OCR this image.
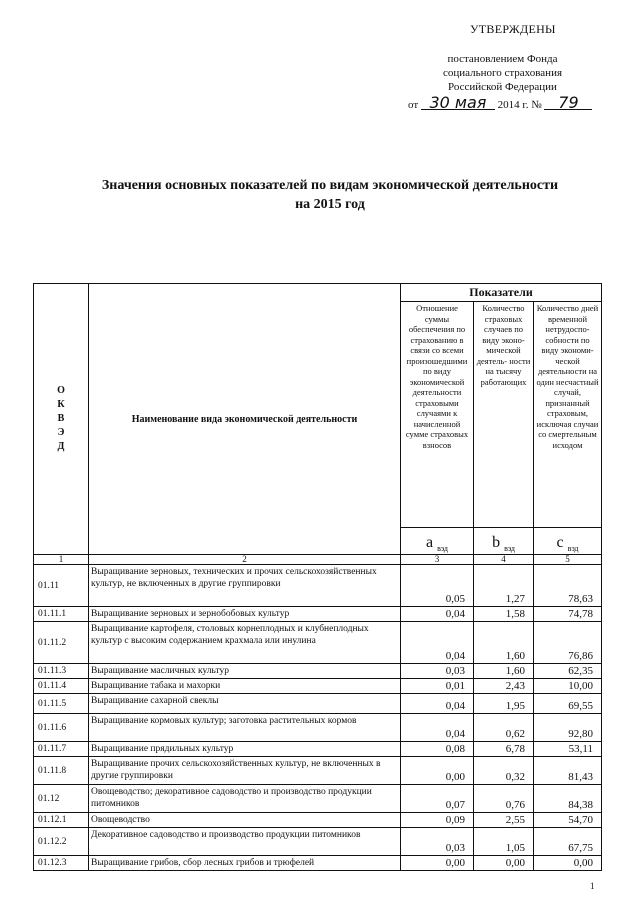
УТВЕРЖДЕНЫ
постановлением Фонда
социального страхования
Российской Федерации
от 30 мая 2014 г. № 79
Значения основных показателей по видам экономической деятельности
на 2015 год
О К В Э Д	Наименование вида экономической деятельности	Показатели		
		Отношение суммы обеспечения по страхованию в связи со всеми произошедшими по виду экономической деятельности страховыми случаями к начисленной сумме страховых взносов	Количество страховых случаев по виду эконо- мической деятель- ности на тысячу работающих	Количество дней временной нетрудоспо- собности по виду экономи- ческой деятельности на один несчастный случай, признанный страховым, исключая случаи со смертельным исходом
		a $_{вэд}$	b $_{вэд}$	c $_{вэд}$
1	2	3	4	5
01.11	Выращивание зерновых, технических и прочих сельскохозяйственных культур, не включенных в другие группировки	0,05	1,27	78,63
01.11.1	Выращивание зерновых и зернобобовых культур	0,04	1,58	74,78
01.11.2	Выращивание картофеля, столовых корнеплодных и клубнеплодных культур с высоким содержанием крахмала или инулина	0,04	1,60	76,86
01.11.3	Выращивание масличных культур	0,03	1,60	62,35
01.11.4	Выращивание табака и махорки	0,01	2,43	10,00
01.11.5	Выращивание сахарной свеклы	0,04	1,95	69,55
01.11.6	Выращивание кормовых культур; заготовка растительных кормов	0,04	0,62	92,80
01.11.7	Выращивание прядильных культур	0,08	6,78	53,11
01.11.8	Выращивание прочих сельскохозяйственных культур, не включенных в другие группировки	0,00	0,32	81,43
01.12	Овощеводство; декоративное садоводство и производство продукции питомников	0,07	0,76	84,38
01.12.1	Овощеводство	0,09	2,55	54,70
01.12.2	Декоративное садоводство и производство продукции питомников	0,03	1,05	67,75
01.12.3	Выращивание грибов, сбор лесных грибов и трюфелей	0,00	0,00	0,00
1
